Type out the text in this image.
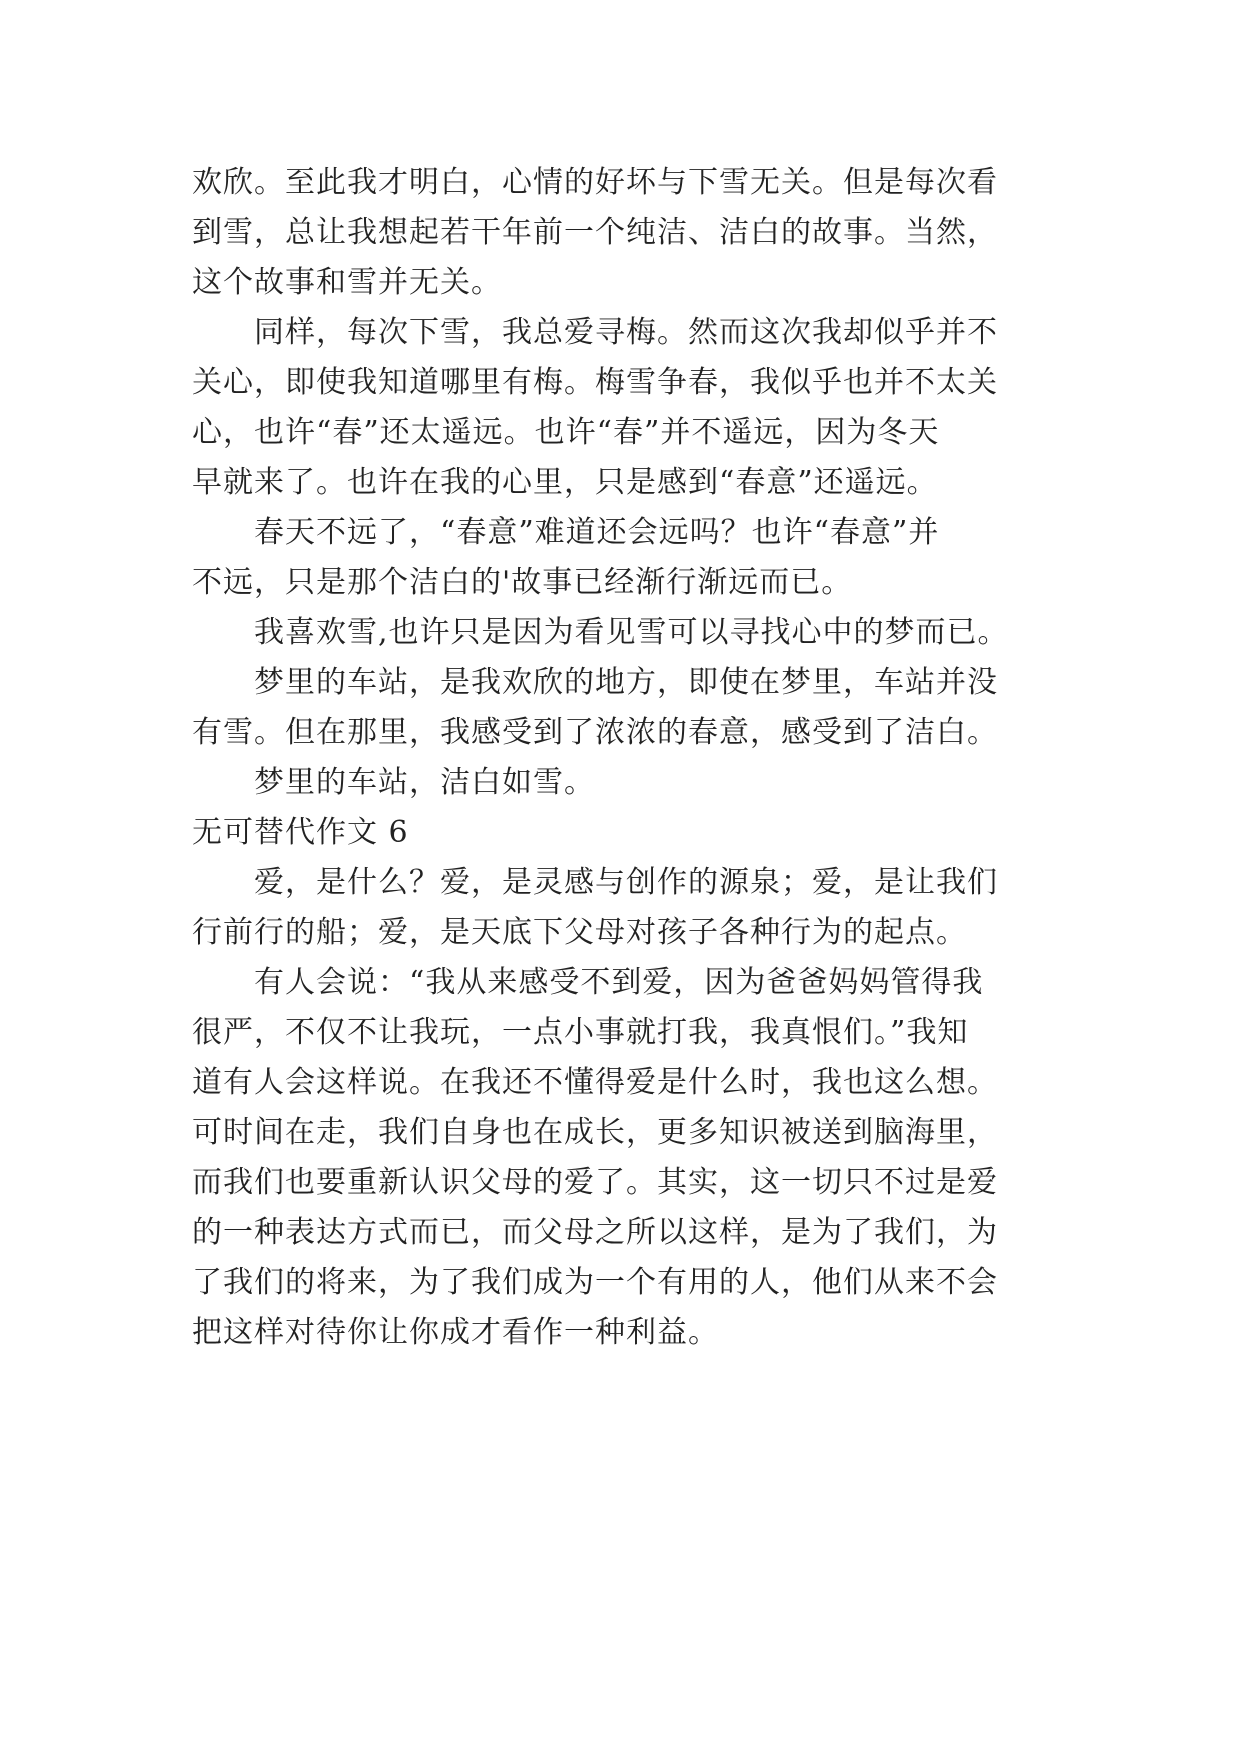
欢欣。至此我才明白，心情的好坏与下雪无关。但是每次看
到雪，总让我想起若干年前一个纯洁、洁白的故事。当然，
这个故事和雪并无关。
　　同样，每次下雪，我总爱寻梅。然而这次我却似乎并不
关心，即使我知道哪里有梅。梅雪争春，我似乎也并不太关
心，也许“春”还太遥远。也许“春”并不遥远，因为冬天
早就来了。也许在我的心里，只是感到“春意”还遥远。
　　春天不远了，“春意”难道还会远吗？也许“春意”并
不远，只是那个洁白的'故事已经渐行渐远而已。
　　我喜欢雪,也许只是因为看见雪可以寻找心中的梦而已。
　　梦里的车站，是我欢欣的地方，即使在梦里，车站并没
有雪。但在那里，我感受到了浓浓的春意，感受到了洁白。
　　梦里的车站，洁白如雪。
无可替代作文 6
　　爱，是什么？爱，是灵感与创作的源泉；爱，是让我们
行前行的船；爱，是天底下父母对孩子各种行为的起点。
　　有人会说：“我从来感受不到爱，因为爸爸妈妈管得我
很严，不仅不让我玩，一点小事就打我，我真恨们。”我知
道有人会这样说。在我还不懂得爱是什么时，我也这么想。
可时间在走，我们自身也在成长，更多知识被送到脑海里，
而我们也要重新认识父母的爱了。其实，这一切只不过是爱
的一种表达方式而已，而父母之所以这样，是为了我们，为
了我们的将来，为了我们成为一个有用的人，他们从来不会
把这样对待你让你成才看作一种利益。
